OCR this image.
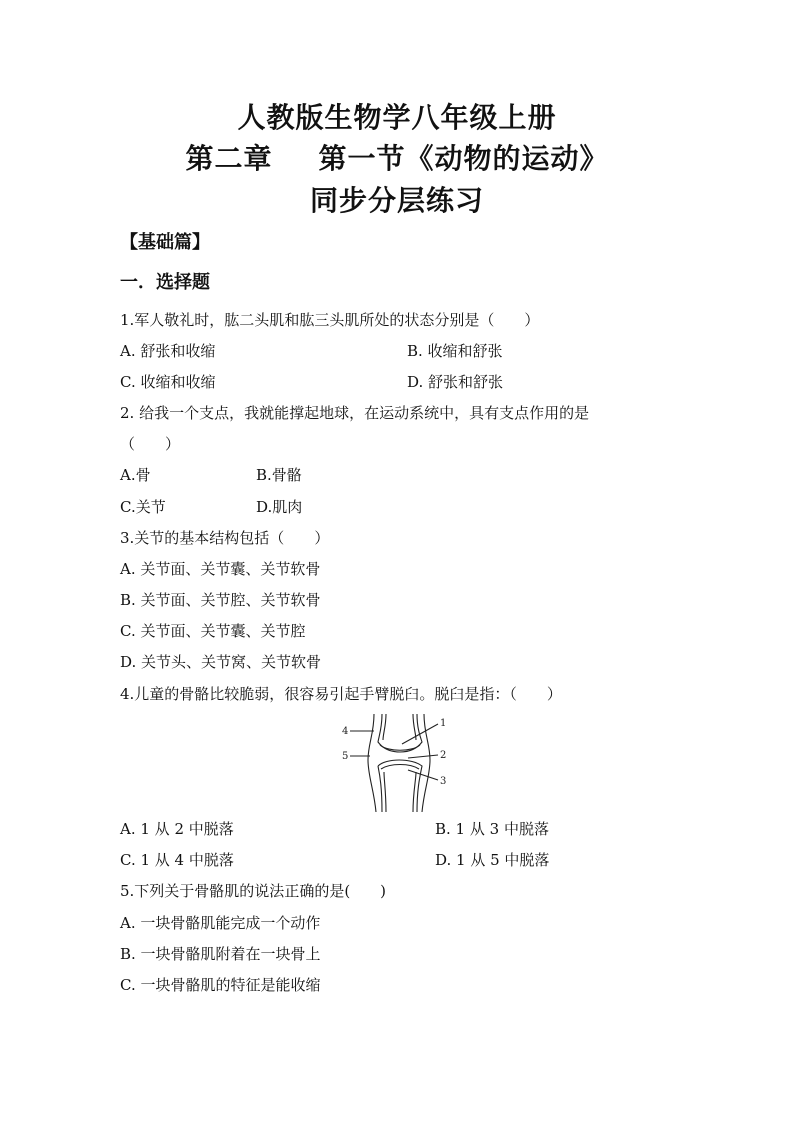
人教版生物学八年级上册
第二章 第一节《动物的运动》
同步分层练习
【基础篇】
一．选择题
1.军人敬礼时，肱二头肌和肱三头肌所处的状态分别是（　　）
A. 舒张和收缩	B. 收缩和舒张
C. 收缩和收缩	D. 舒张和舒张
2. 给我一个支点，我就能撑起地球，在运动系统中，具有支点作用的是
（　　）
A.骨	B.骨骼
C.关节	D.肌肉
3.关节的基本结构包括（　　）
A. 关节面、关节囊、关节软骨
B. 关节面、关节腔、关节软骨
C. 关节面、关节囊、关节腔
D. 关节头、关节窝、关节软骨
4.儿童的骨骼比较脆弱，很容易引起手臂脱臼。脱臼是指：（　　）
4
5
1
2
3
A. 1 从 2 中脱落	B. 1 从 3 中脱落
C. 1 从 4 中脱落	D. 1 从 5 中脱落
5.下列关于骨骼肌的说法正确的是(　　)
A. 一块骨骼肌能完成一个动作
B. 一块骨骼肌附着在一块骨上
C. 一块骨骼肌的特征是能收缩
